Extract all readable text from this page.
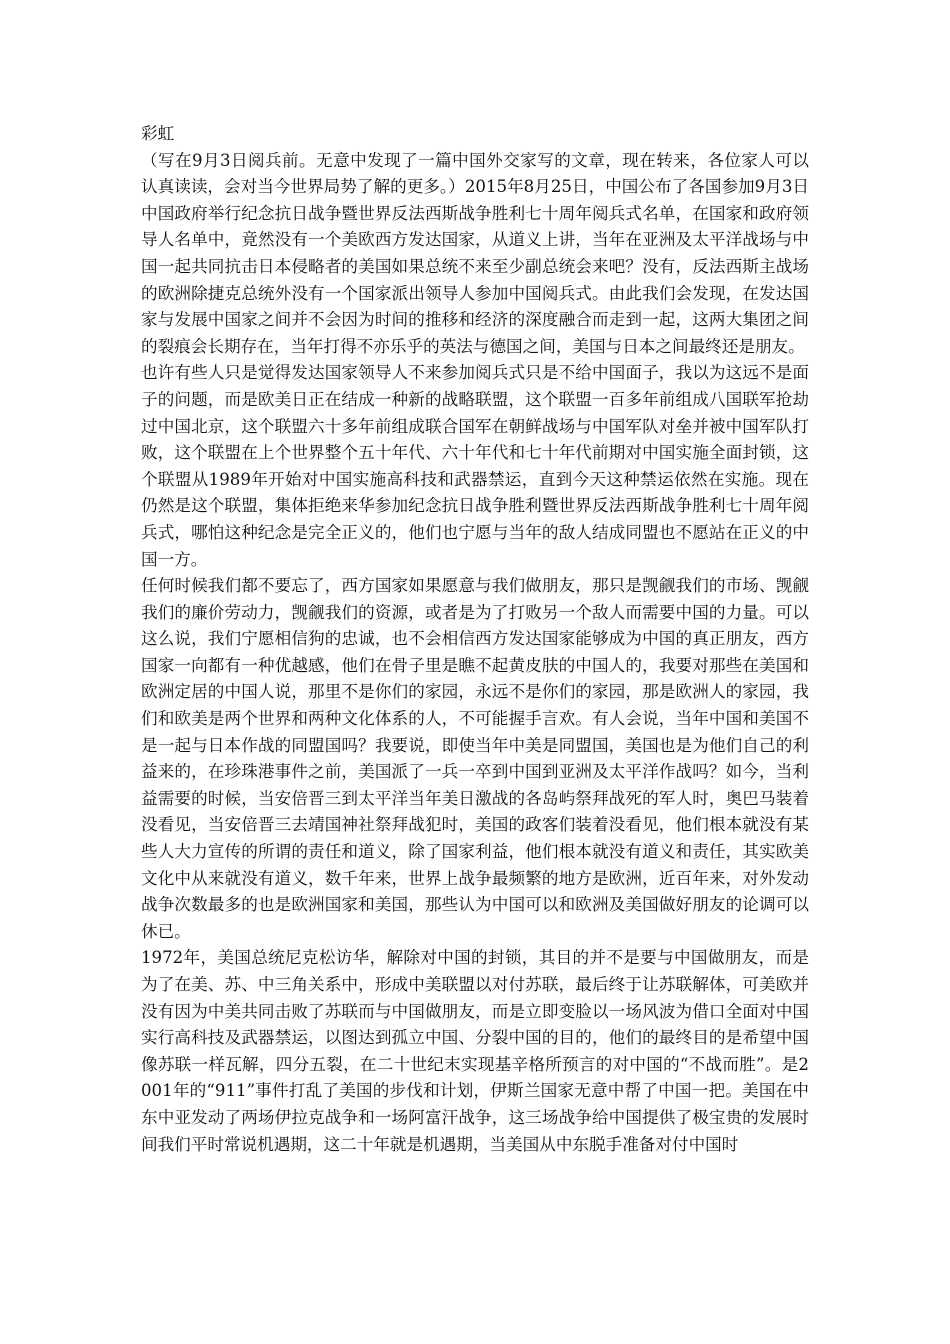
彩虹

（写在9月3日阅兵前。无意中发现了一篇中国外交家写的文章，现在转来，各位家人可以认真读读，会对当今世界局势了解的更多。）2015年8月25日，中国公布了各国参加9月3日中国政府举行纪念抗日战争暨世界反法西斯战争胜利七十周年阅兵式名单，在国家和政府领导人名单中，竟然没有一个美欧西方发达国家，从道义上讲，当年在亚洲及太平洋战场与中国一起共同抗击日本侵略者的美国如果总统不来至少副总统会来吧？没有，反法西斯主战场的欧洲除捷克总统外没有一个国家派出领导人参加中国阅兵式。由此我们会发现，在发达国家与发展中国家之间并不会因为时间的推移和经济的深度融合而走到一起，这两大集团之间的裂痕会长期存在，当年打得不亦乐乎的英法与德国之间，美国与日本之间最终还是朋友。

也许有些人只是觉得发达国家领导人不来参加阅兵式只是不给中国面子，我以为这远不是面子的问题，而是欧美日正在结成一种新的战略联盟，这个联盟一百多年前组成八国联军抢劫过中国北京，这个联盟六十多年前组成联合国军在朝鲜战场与中国军队对垒并被中国军队打败，这个联盟在上个世界整个五十年代、六十年代和七十年代前期对中国实施全面封锁，这个联盟从1989年开始对中国实施高科技和武器禁运，直到今天这种禁运依然在实施。现在仍然是这个联盟，集体拒绝来华参加纪念抗日战争胜利暨世界反法西斯战争胜利七十周年阅兵式，哪怕这种纪念是完全正义的，他们也宁愿与当年的敌人结成同盟也不愿站在正义的中国一方。

任何时候我们都不要忘了，西方国家如果愿意与我们做朋友，那只是觊觎我们的市场、觊觎我们的廉价劳动力，觊觎我们的资源，或者是为了打败另一个敌人而需要中国的力量。可以这么说，我们宁愿相信狗的忠诚，也不会相信西方发达国家能够成为中国的真正朋友，西方国家一向都有一种优越感，他们在骨子里是瞧不起黄皮肤的中国人的，我要对那些在美国和欧洲定居的中国人说，那里不是你们的家园，永远不是你们的家园，那是欧洲人的家园，我们和欧美是两个世界和两种文化体系的人，不可能握手言欢。有人会说，当年中国和美国不是一起与日本作战的同盟国吗？我要说，即使当年中美是同盟国，美国也是为他们自己的利益来的，在珍珠港事件之前，美国派了一兵一卒到中国到亚洲及太平洋作战吗？如今，当利益需要的时候，当安倍晋三到太平洋当年美日激战的各岛屿祭拜战死的军人时，奥巴马装着没看见，当安倍晋三去靖国神社祭拜战犯时，美国的政客们装着没看见，他们根本就没有某些人大力宣传的所谓的责任和道义，除了国家利益，他们根本就没有道义和责任，其实欧美文化中从来就没有道义，数千年来，世界上战争最频繁的地方是欧洲，近百年来，对外发动战争次数最多的也是欧洲国家和美国，那些认为中国可以和欧洲及美国做好朋友的论调可以休已。

1972年，美国总统尼克松访华，解除对中国的封锁，其目的并不是要与中国做朋友，而是为了在美、苏、中三角关系中，形成中美联盟以对付苏联，最后终于让苏联解体，可美欧并没有因为中美共同击败了苏联而与中国做朋友，而是立即变脸以一场风波为借口全面对中国实行高科技及武器禁运，以图达到孤立中国、分裂中国的目的，他们的最终目的是希望中国像苏联一样瓦解，四分五裂，在二十世纪末实现基辛格所预言的对中国的“不战而胜”。是2001年的“911”事件打乱了美国的步伐和计划，伊斯兰国家无意中帮了中国一把。美国在中东中亚发动了两场伊拉克战争和一场阿富汗战争，这三场战争给中国提供了极宝贵的发展时间我们平时常说机遇期，这二十年就是机遇期，当美国从中东脱手准备对付中国时
